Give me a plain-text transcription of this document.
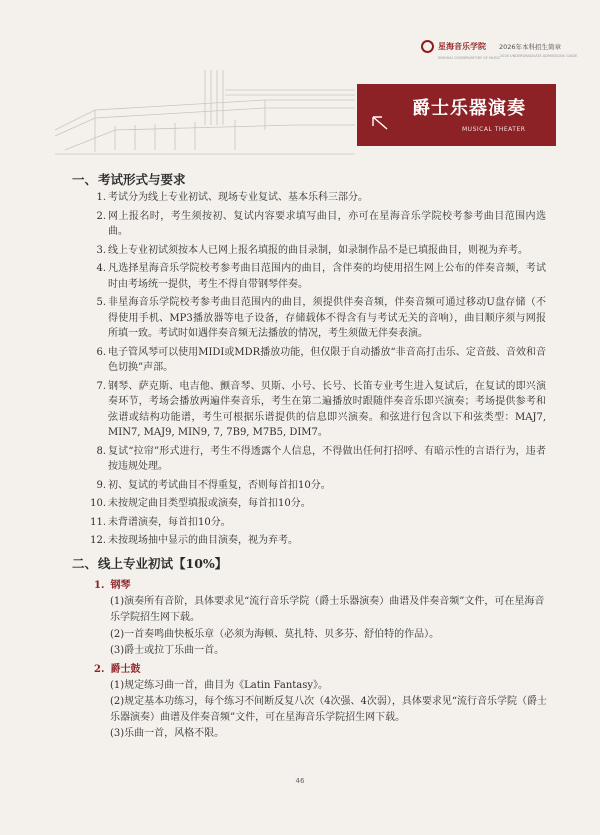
星海音乐学院
XINGHAI CONSERVATORY OF MUSIC
2026年本科招生简章
2026 UNDERGRADUATE ADMISSIONS GUIDE
爵士乐器演奏
MUSICAL THEATER
一、考试形式与要求
1. 考试分为线上专业初试、现场专业复试、基本乐科三部分。
2. 网上报名时，考生须按初、复试内容要求填写曲目，亦可在星海音乐学院校考参考曲目范围内选曲。
3. 线上专业初试须按本人已网上报名填报的曲目录制，如录制作品不是已填报曲目，则视为弃考。
4. 凡选择星海音乐学院校考参考曲目范围内的曲目，含伴奏的均使用招生网上公布的伴奏音频，考试时由考场统一提供，考生不得自带钢琴伴奏。
5. 非星海音乐学院校考参考曲目范围内的曲目，须提供伴奏音频，伴奏音频可通过移动U盘存储（不得使用手机、MP3播放器等电子设备，存储载体不得含有与考试无关的音响），曲目顺序须与网报所填一致。考试时如遇伴奏音频无法播放的情况，考生须做无伴奏表演。
6. 电子管风琴可以使用MIDI或MDR播放功能，但仅限于自动播放“非音高打击乐、定音鼓、音效和音色切换”声部。
7. 钢琴、萨克斯、电吉他、颤音琴、贝斯、小号、长号、长笛专业考生进入复试后，在复试的即兴演奏环节，考场会播放两遍伴奏音乐，考生在第二遍播放时跟随伴奏音乐即兴演奏；考场提供参考和弦谱或结构功能谱，考生可根据乐谱提供的信息即兴演奏。和弦进行包含以下和弦类型：MAJ7, MIN7, MAJ9, MIN9, 7, 7B9, M7B5, DIM7。
8. 复试“拉帘”形式进行，考生不得透露个人信息，不得做出任何打招呼、有暗示性的言语行为，违者按违规处理。
9. 初、复试的考试曲目不得重复，否则每首扣10分。
10. 未按规定曲目类型填报或演奏，每首扣10分。
11. 未背谱演奏，每首扣10分。
12. 未按现场抽中显示的曲目演奏，视为弃考。
二、线上专业初试【10%】
1. 钢琴
(1)演奏所有音阶，具体要求见“流行音乐学院（爵士乐器演奏）曲谱及伴奏音频”文件，可在星海音乐学院招生网下载。
(2)一首奏鸣曲快板乐章（必须为海顿、莫扎特、贝多芬、舒伯特的作品）。
(3)爵士或拉丁乐曲一首。
2. 爵士鼓
(1)规定练习曲一首，曲目为《Latin Fantasy》。
(2)规定基本功练习，每个练习不间断反复八次（4次强、4次弱），具体要求见“流行音乐学院（爵士乐器演奏）曲谱及伴奏音频”文件，可在星海音乐学院招生网下载。
(3)乐曲一首，风格不限。
46
